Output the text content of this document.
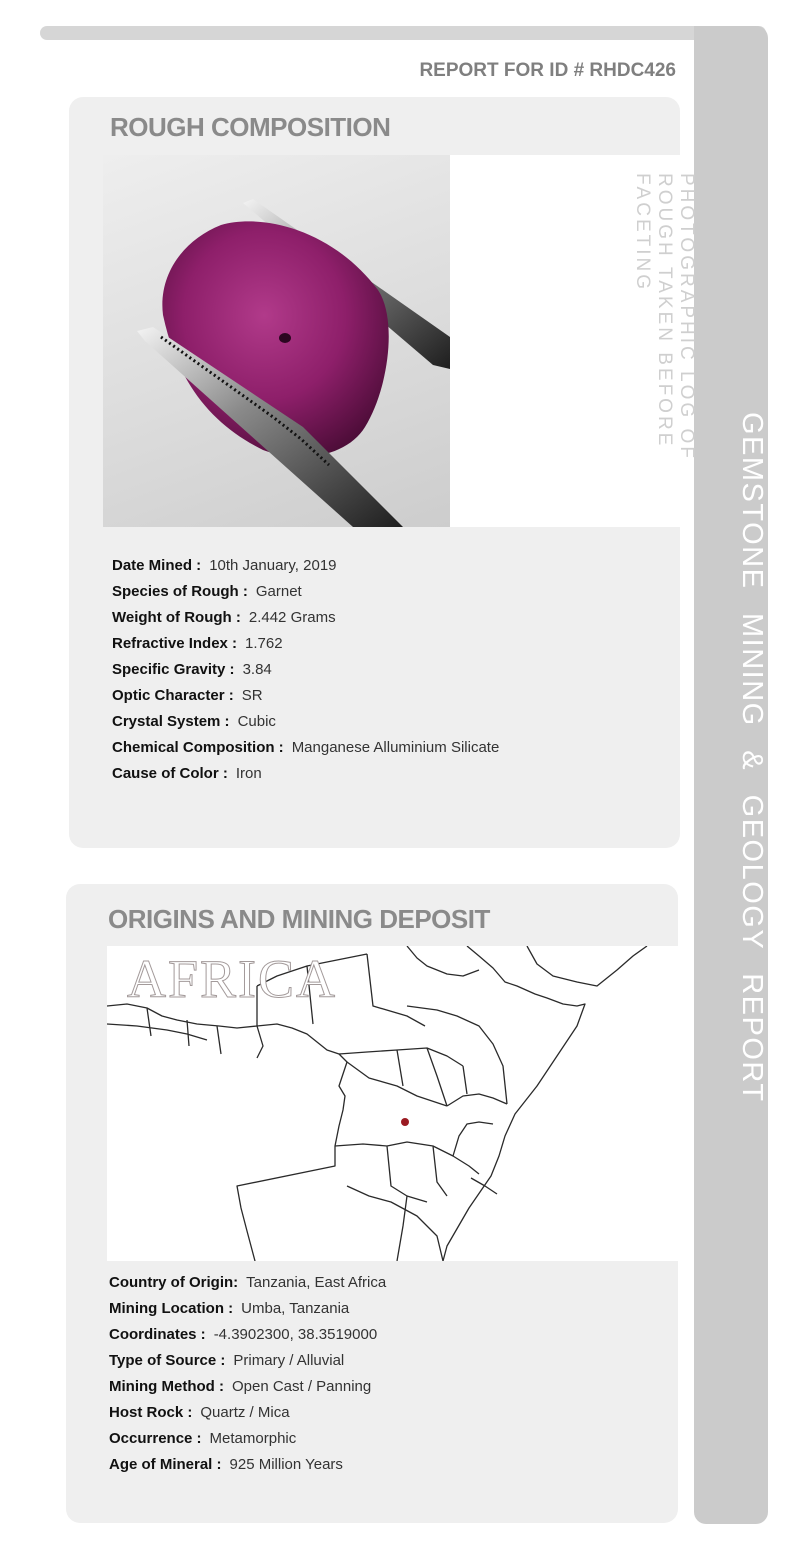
GEMSTONE MINING & GEOLOGY REPORT
REPORT FOR ID # RHDC426
ROUGH COMPOSITION
PHOTOGRAPHIC LOG OF ROUGH TAKEN BEFORE FACETING
Date Mined : 10th January, 2019
Species of Rough : Garnet
Weight of Rough : 2.442 Grams
Refractive Index : 1.762
Specific Gravity : 3.84
Optic Character : SR
Crystal System : Cubic
Chemical Composition : Manganese Alluminium Silicate
Cause of Color : Iron
ORIGINS AND MINING DEPOSIT
AFRICA
Country of Origin: Tanzania, East Africa
Mining Location : Umba, Tanzania
Coordinates : -4.3902300, 38.3519000
Type of Source : Primary / Alluvial
Mining Method : Open Cast / Panning
Host Rock : Quartz / Mica
Occurrence : Metamorphic
Age of Mineral : 925 Million Years
